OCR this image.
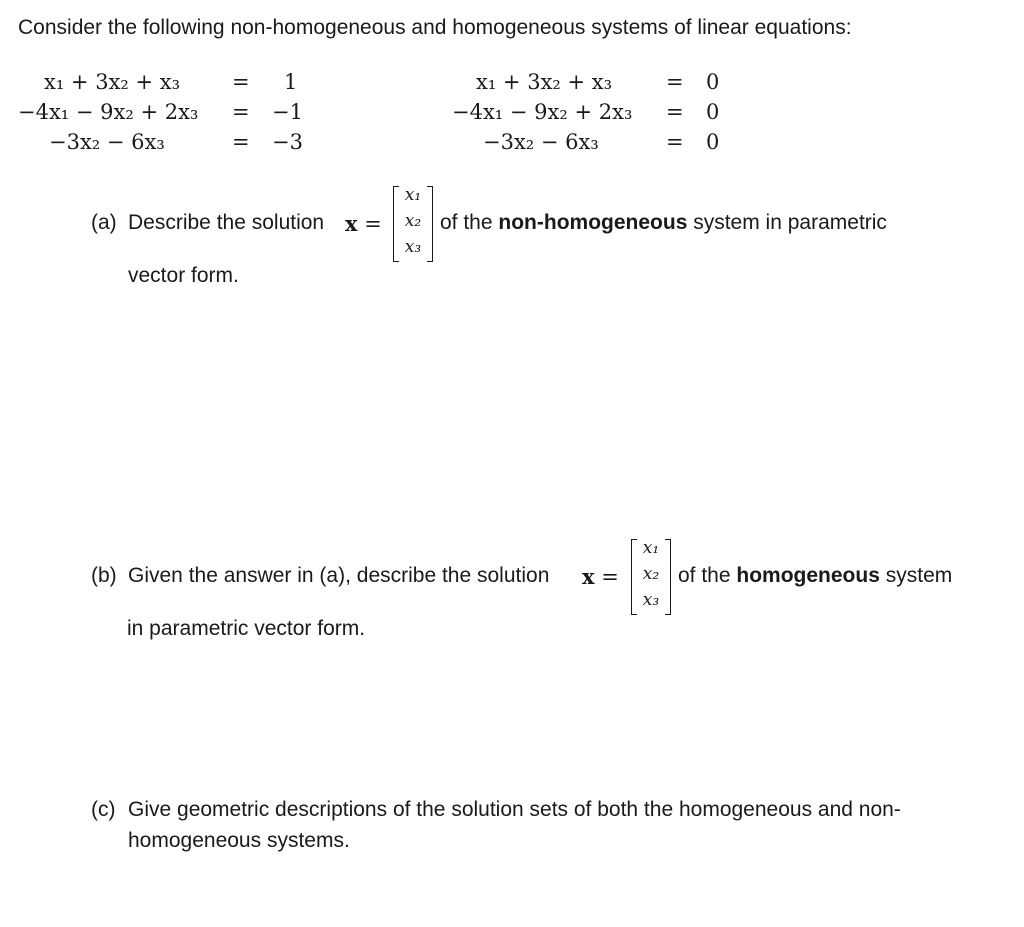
Consider the following non-homogeneous and homogeneous systems of linear equations:
x₁ + 3x₂ + x₃
−4x₁ − 9x₂ + 2x₃
−3x₂ − 6x₃
=
=
=
1
−1
−3
x₁ + 3x₂ + x₃
−4x₁ − 9x₂ + 2x₃
−3x₂ − 6x₃
=
=
=
0
0
0
(a) Describe the solution x =
x₁
x₂
x₃
of the non-homogeneous system in parametric
vector form.
(b) Given the answer in (a), describe the solution x =
x₁
x₂
x₃
of the homogeneous system
in parametric vector form.
(c) Give geometric descriptions of the solution sets of both the homogeneous and non-
homogeneous systems.
